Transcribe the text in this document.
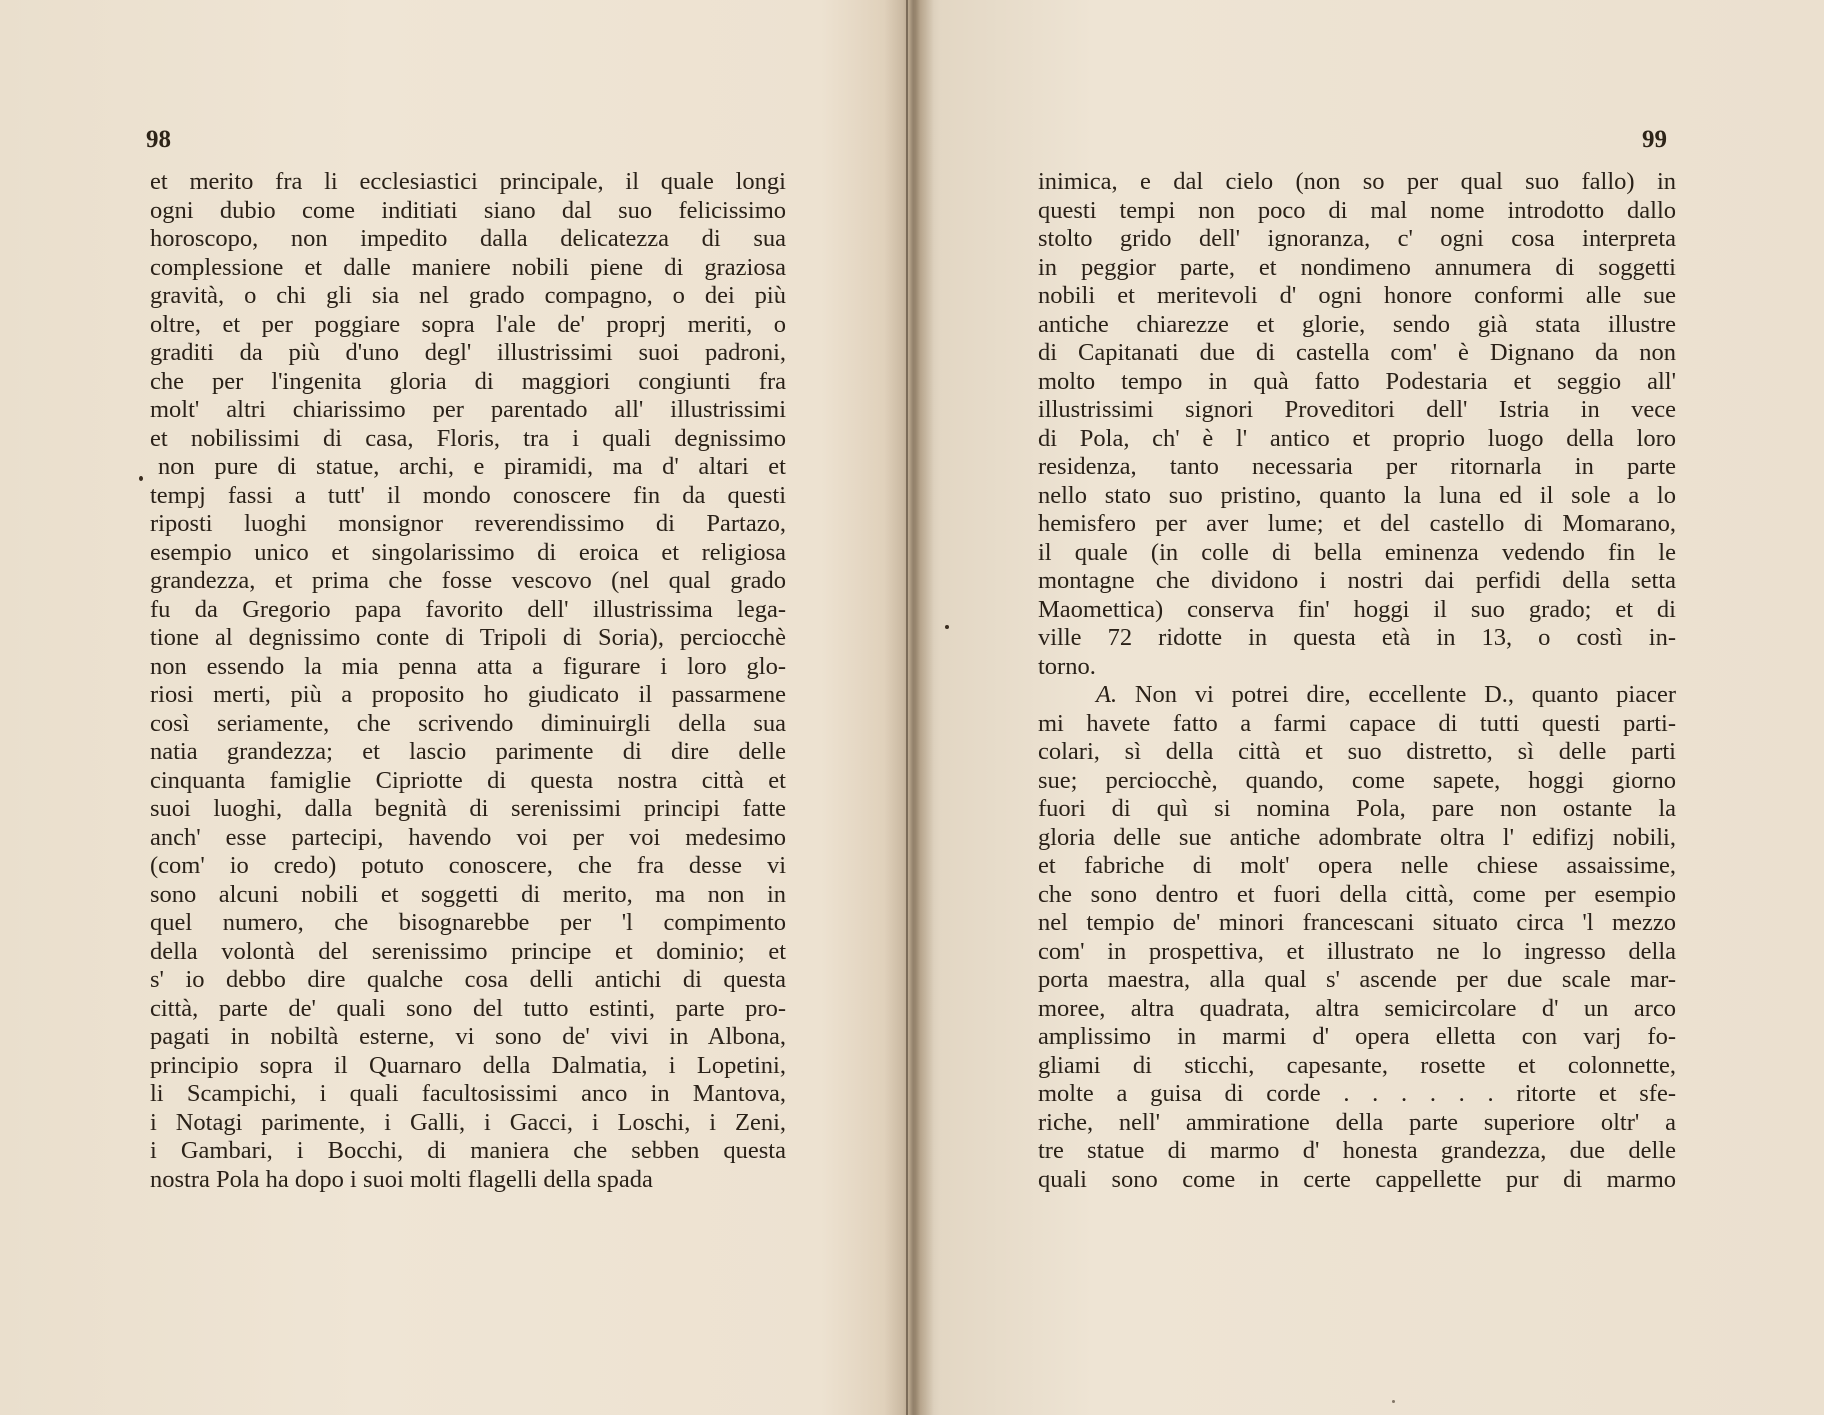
98
et merito fra li ecclesiastici principale, il quale longi
ogni dubio come inditiati siano dal suo felicissimo
horoscopo, non impedito dalla delicatezza di sua
complessione et dalle maniere nobili piene di graziosa
gravità, o chi gli sia nel grado compagno, o dei più
oltre, et per poggiare sopra l'ale de' proprj meriti, o
graditi da più d'uno degl' illustrissimi suoi padroni,
che per l'ingenita gloria di maggiori congiunti fra
molt' altri chiarissimo per parentado all' illustrissimi
et nobilissimi di casa, Floris, tra i quali degnissimo
non pure di statue, archi, e piramidi, ma d' altari et
tempj fassi a tutt' il mondo conoscere fin da questi
riposti luoghi monsignor reverendissimo di Partazo,
esempio unico et singolarissimo di eroica et religiosa
grandezza, et prima che fosse vescovo (nel qual grado
fu da Gregorio papa favorito dell' illustrissima lega-
tione al degnissimo conte di Tripoli di Soria), perciocchè
non essendo la mia penna atta a figurare i loro glo-
riosi merti, più a proposito ho giudicato il passarmene
così seriamente, che scrivendo diminuirgli della sua
natia grandezza; et lascio parimente di dire delle
cinquanta famiglie Cipriotte di questa nostra città et
suoi luoghi, dalla begnità di serenissimi principi fatte
anch' esse partecipi, havendo voi per voi medesimo
(com' io credo) potuto conoscere, che fra desse vi
sono alcuni nobili et soggetti di merito, ma non in
quel numero, che bisognarebbe per 'l compimento
della volontà del serenissimo principe et dominio; et
s' io debbo dire qualche cosa delli antichi di questa
città, parte de' quali sono del tutto estinti, parte pro-
pagati in nobiltà esterne, vi sono de' vivi in Albona,
principio sopra il Quarnaro della Dalmatia, i Lopetini,
li Scampichi, i quali facultosissimi anco in Mantova,
i Notagi parimente, i Galli, i Gacci, i Loschi, i Zeni,
i Gambari, i Bocchi, di maniera che sebben questa
nostra Pola ha dopo i suoi molti flagelli della spada
99
inimica, e dal cielo (non so per qual suo fallo) in
questi tempi non poco di mal nome introdotto dallo
stolto grido dell' ignoranza, c' ogni cosa interpreta
in peggior parte, et nondimeno annumera di soggetti
nobili et meritevoli d' ogni honore conformi alle sue
antiche chiarezze et glorie, sendo già stata illustre
di Capitanati due di castella com' è Dignano da non
molto tempo in quà fatto Podestaria et seggio all'
illustrissimi signori Proveditori dell' Istria in vece
di Pola, ch' è l' antico et proprio luogo della loro
residenza, tanto necessaria per ritornarla in parte
nello stato suo pristino, quanto la luna ed il sole a lo
hemisfero per aver lume; et del castello di Momarano,
il quale (in colle di bella eminenza vedendo fin le
montagne che dividono i nostri dai perfidi della setta
Maomettica) conserva fin' hoggi il suo grado; et di
ville 72 ridotte in questa età in 13, o costì in-
torno.
A. Non vi potrei dire, eccellente D., quanto piacer
mi havete fatto a farmi capace di tutti questi parti-
colari, sì della città et suo distretto, sì delle parti
sue; perciocchè, quando, come sapete, hoggi giorno
fuori di quì si nomina Pola, pare non ostante la
gloria delle sue antiche adombrate oltra l' edifizj nobili,
et fabriche di molt' opera nelle chiese assaissime,
che sono dentro et fuori della città, come per esempio
nel tempio de' minori francescani situato circa 'l mezzo
com' in prospettiva, et illustrato ne lo ingresso della
porta maestra, alla qual s' ascende per due scale mar-
moree, altra quadrata, altra semicircolare d' un arco
amplissimo in marmi d' opera elletta con varj fo-
gliami di sticchi, capesante, rosette et colonnette,
molte a guisa di corde . . . . . . ritorte et sfe-
riche, nell' ammiratione della parte superiore oltr' a
tre statue di marmo d' honesta grandezza, due delle
quali sono come in certe cappellette pur di marmo
